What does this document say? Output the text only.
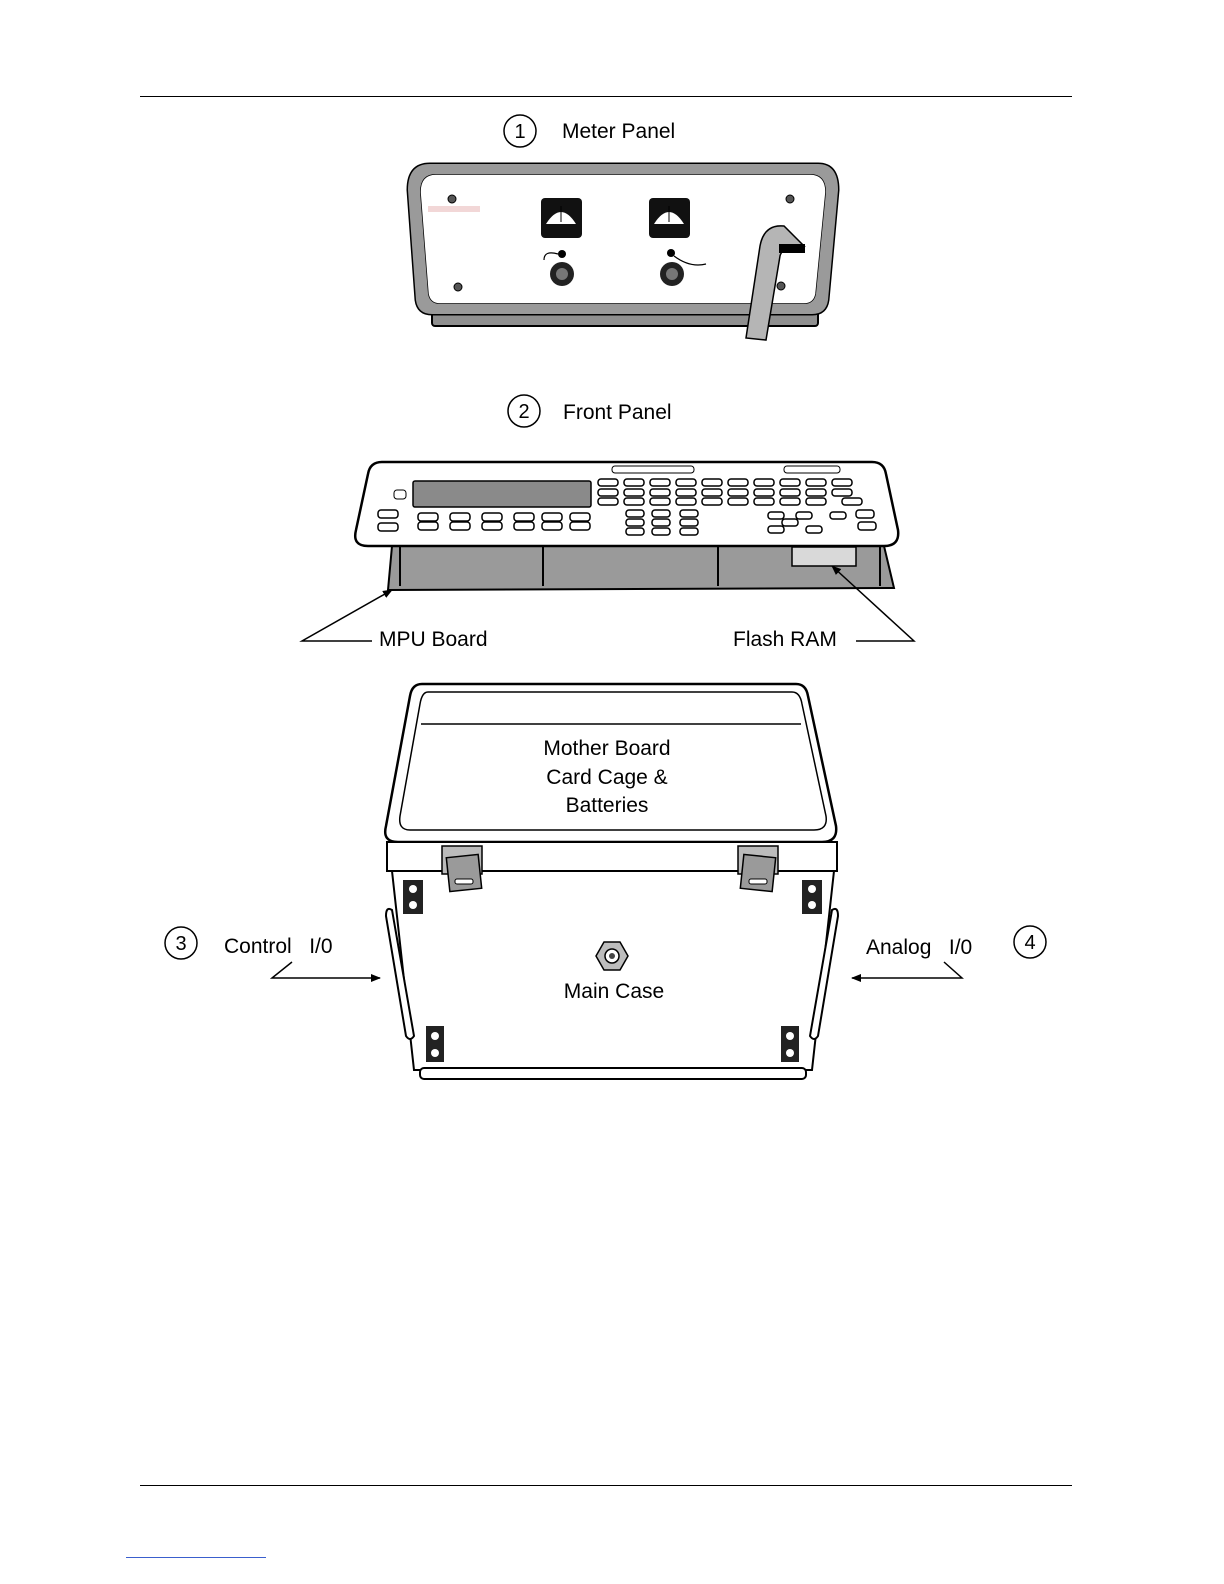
1 Meter Panel
2 Front Panel
MPU Board	Flash RAM
Mother Board
Card Cage &
Batteries
Main Case
3 Control   I/0	4
Analog   I/0
